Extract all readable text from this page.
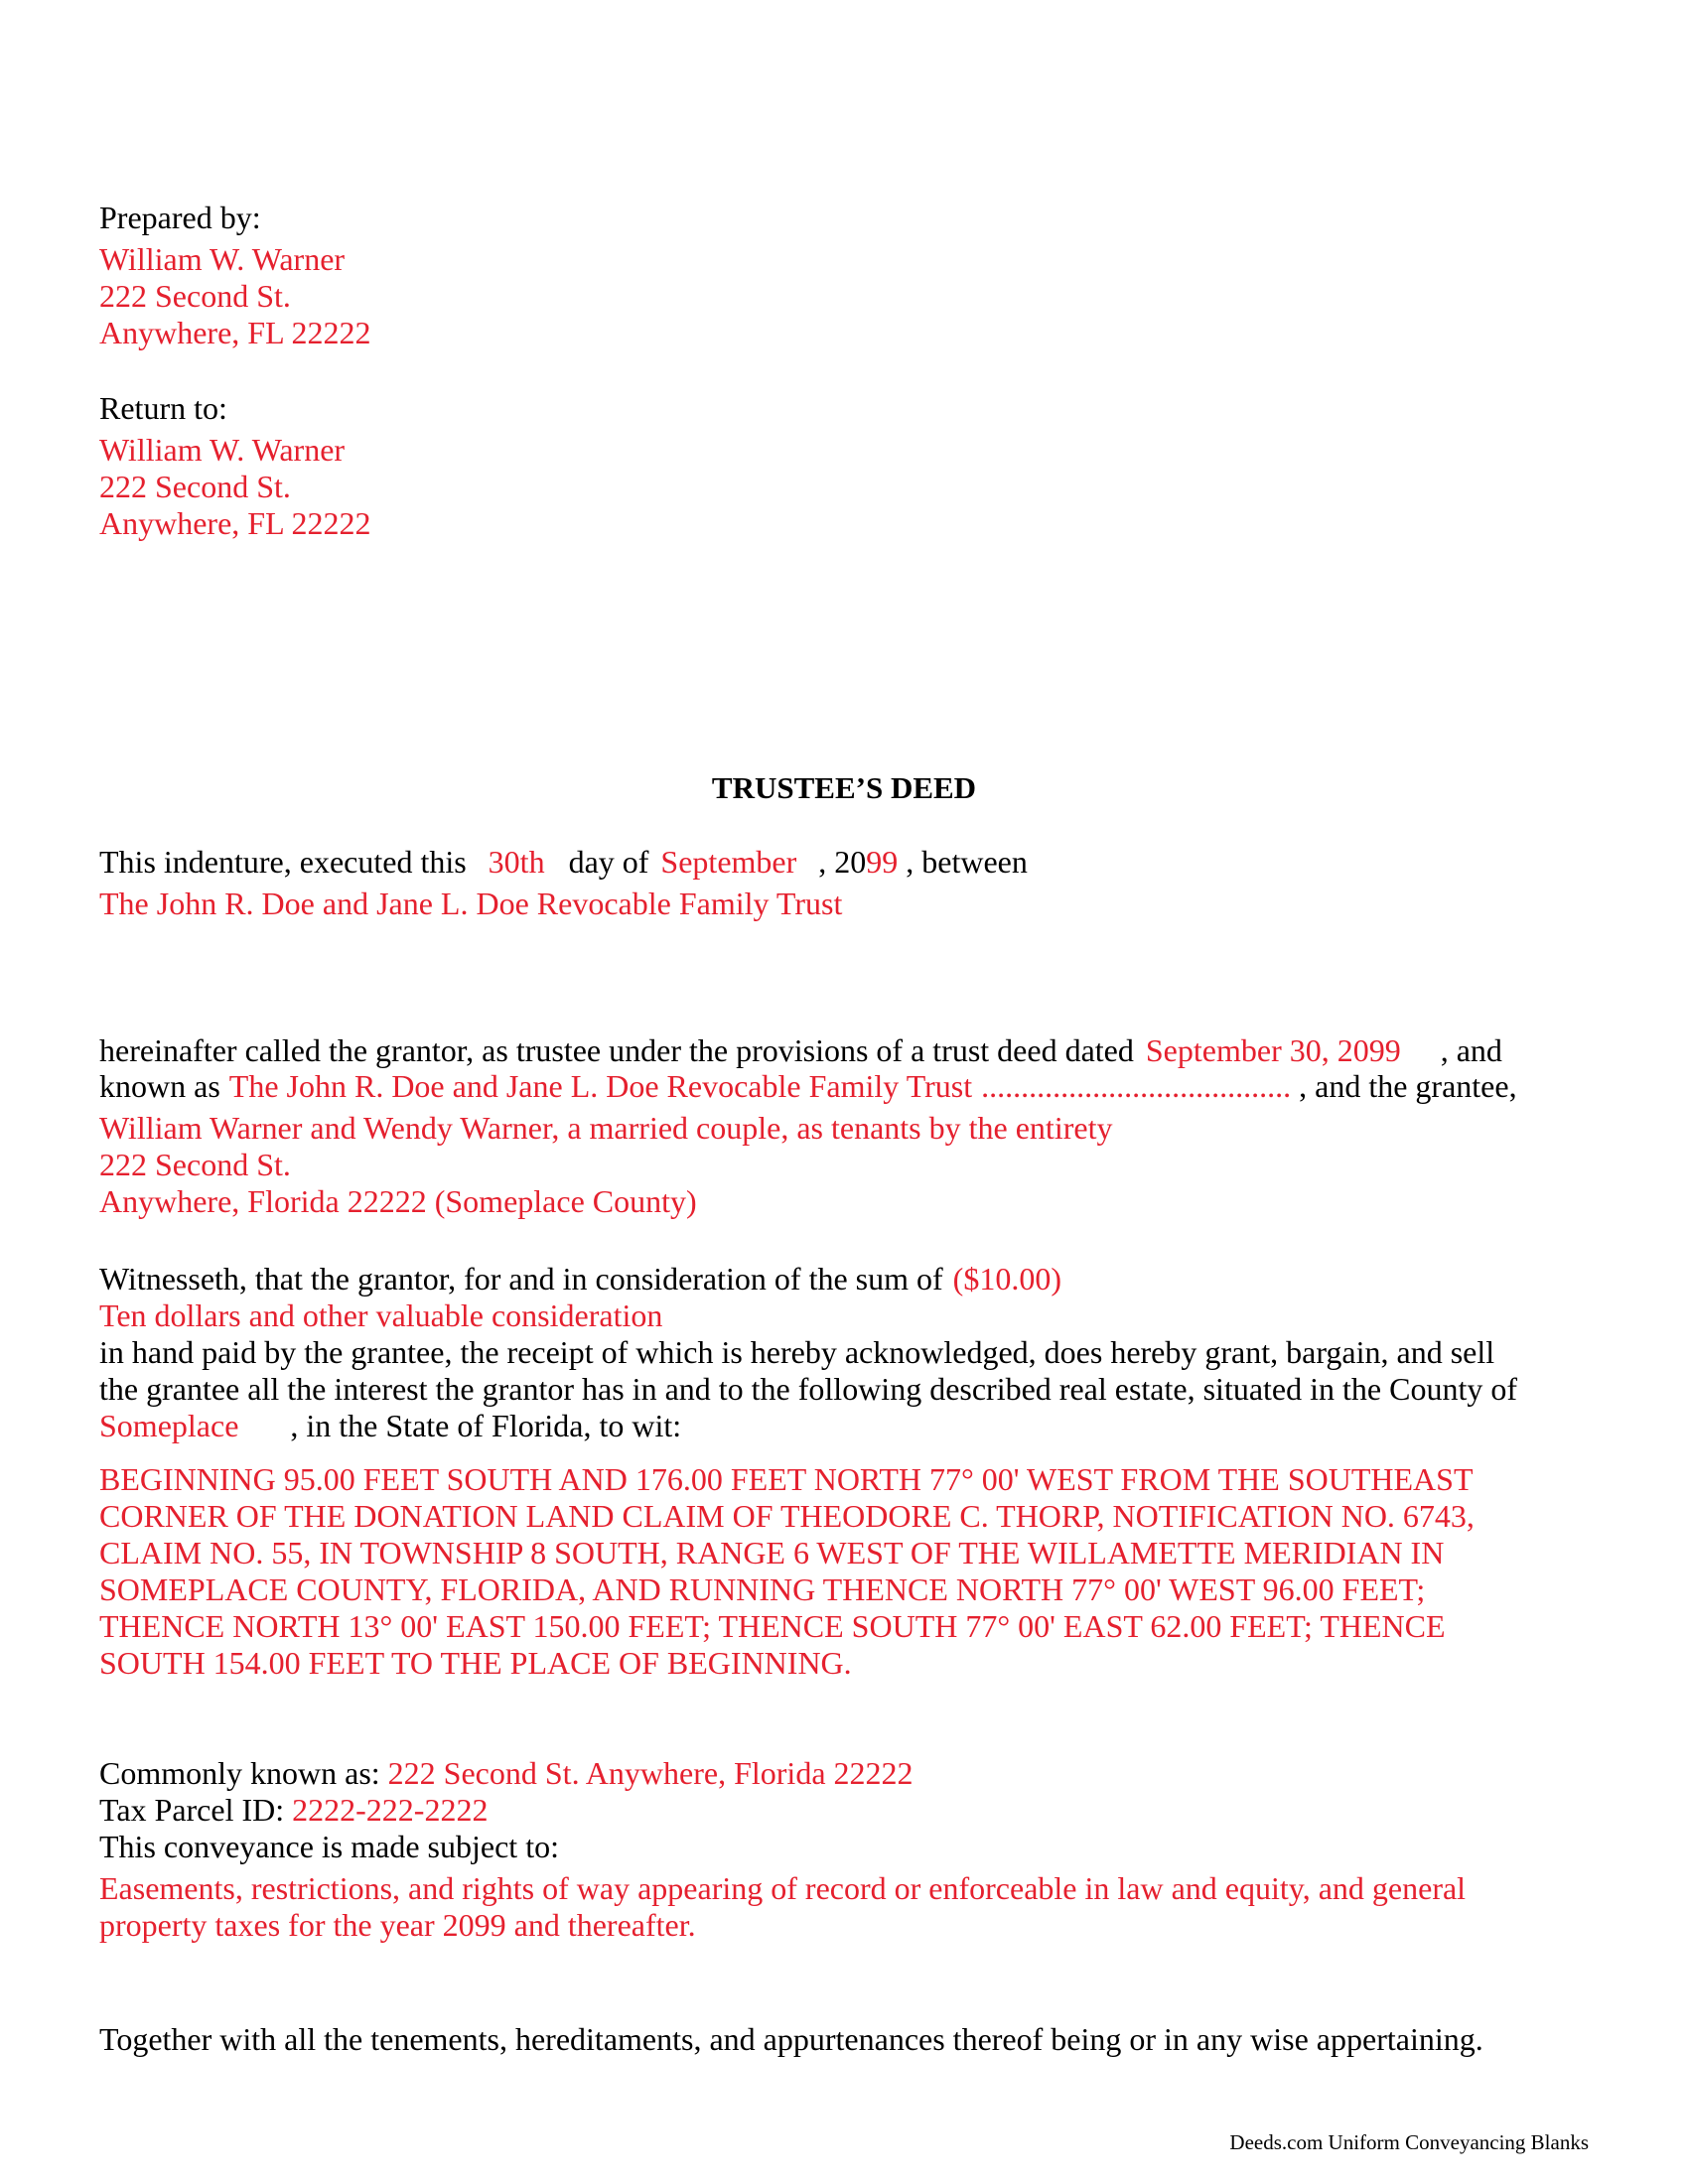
Prepared by:
William W. Warner
222 Second St.
Anywhere, FL 22222
Return to:
William W. Warner
222 Second St.
Anywhere, FL 22222
TRUSTEE’S DEED
This indenture, executed this 30th day of September , 2099 , between
The John R. Doe and Jane L. Doe Revocable Family Trust
hereinafter called the grantor, as trustee under the provisions of a trust deed dated September 30, 2099 , and
known as The John R. Doe and Jane L. Doe Revocable Family Trust ....................................... , and the grantee,
William Warner and Wendy Warner, a married couple, as tenants by the entirety
222 Second St.
Anywhere, Florida 22222 (Someplace County)
Witnesseth, that the grantor, for and in consideration of the sum of ($10.00)
Ten dollars and other valuable consideration
in hand paid by the grantee, the receipt of which is hereby acknowledged, does hereby grant, bargain, and sell
the grantee all the interest the grantor has in and to the following described real estate, situated in the County of
Someplace , in the State of Florida, to wit:
BEGINNING 95.00 FEET SOUTH AND 176.00 FEET NORTH 77° 00' WEST FROM THE SOUTHEAST
CORNER OF THE DONATION LAND CLAIM OF THEODORE C. THORP, NOTIFICATION NO. 6743,
CLAIM NO. 55, IN TOWNSHIP 8 SOUTH, RANGE 6 WEST OF THE WILLAMETTE MERIDIAN IN
SOMEPLACE COUNTY, FLORIDA, AND RUNNING THENCE NORTH 77° 00' WEST 96.00 FEET;
THENCE NORTH 13° 00' EAST 150.00 FEET; THENCE SOUTH 77° 00' EAST 62.00 FEET; THENCE
SOUTH 154.00 FEET TO THE PLACE OF BEGINNING.
Commonly known as: 222 Second St. Anywhere, Florida 22222
Tax Parcel ID: 2222-222-2222
This conveyance is made subject to:
Easements, restrictions, and rights of way appearing of record or enforceable in law and equity, and general
property taxes for the year 2099 and thereafter.
Together with all the tenements, hereditaments, and appurtenances thereof being or in any wise appertaining.
Deeds.com Uniform Conveyancing Blanks
